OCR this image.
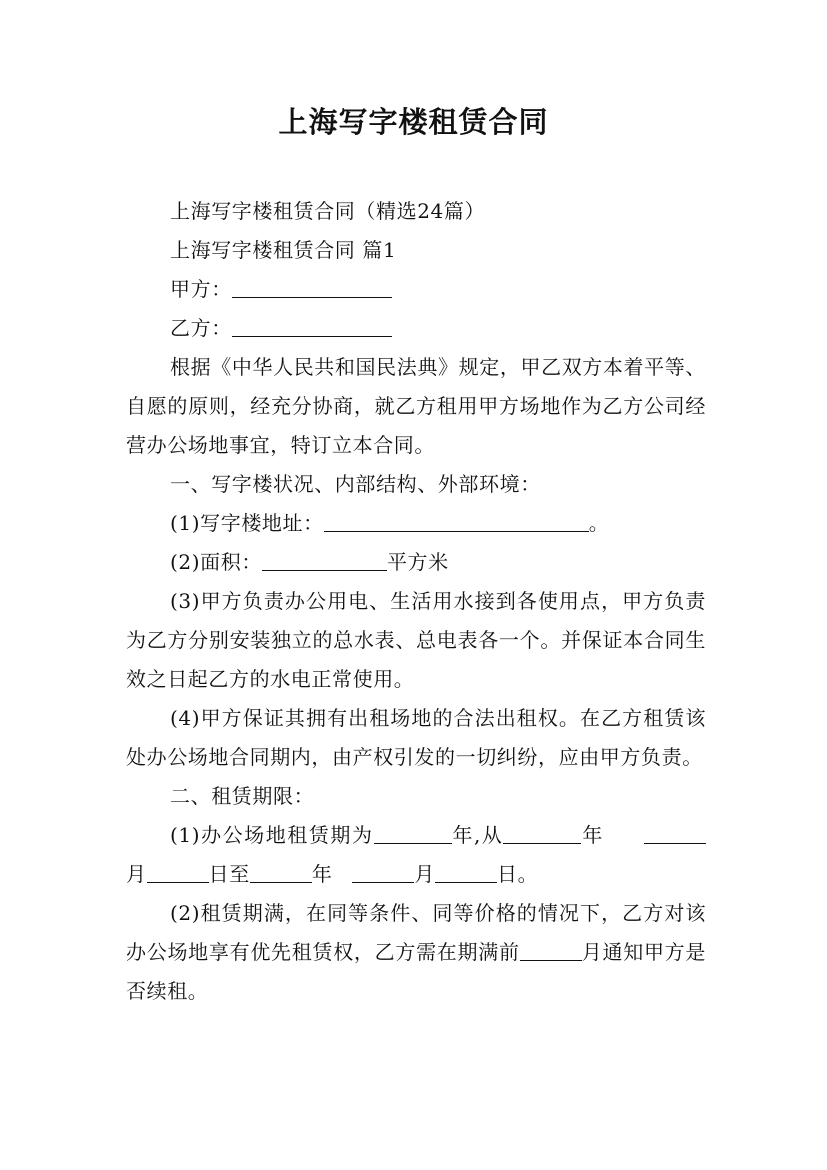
上海写字楼租赁合同

上海写字楼租赁合同（精选24篇）

上海写字楼租赁合同 篇1

甲方：

乙方：

根据《中华人民共和国民法典》规定，甲乙双方本着平等、自愿的原则，经充分协商，就乙方租用甲方场地作为乙方公司经营办公场地事宜，特订立本合同。

一、写字楼状况、内部结构、外部环境：

(1)写字楼地址：	。

(2)面积：	平方米

(3)甲方负责办公用电、生活用水接到各使用点，甲方负责为乙方分别安装独立的总水表、总电表各一个。并保证本合同生效之日起乙方的水电正常使用。

(4)甲方保证其拥有出租场地的合法出租权。在乙方租赁该处办公场地合同期内，由产权引发的一切纠纷，应由甲方负责。

二、租赁期限：

(1)办公场地租赁期为	年,从	年月	日至	年	月	日。

(2)租赁期满，在同等条件、同等价格的情况下，乙方对该办公场地享有优先租赁权，乙方需在期满前	月通知甲方是否续租。
